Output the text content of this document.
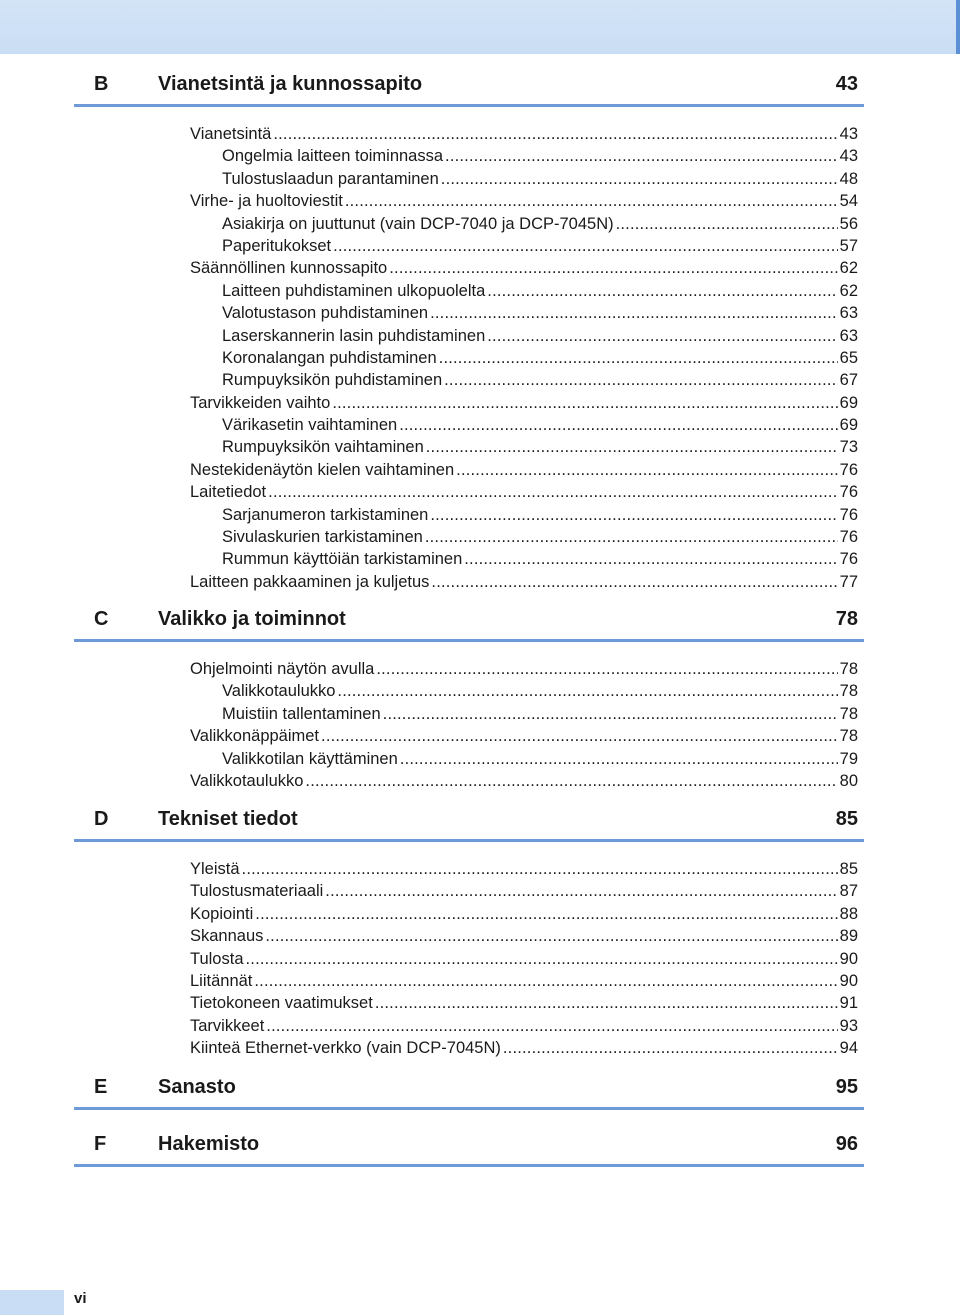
B Vianetsintä ja kunnossapito	43
Vianetsintä .....	43
Ongelmia laitteen toiminnassa .....	43
Tulostuslaadun parantaminen .....	48
Virhe- ja huoltoviestit .....	54
Asiakirja on juuttunut (vain DCP-7040 ja DCP-7045N) .....	56
Paperitukokset .....	57
Säännöllinen kunnossapito .....	62
Laitteen puhdistaminen ulkopuolelta .....	62
Valotustason puhdistaminen .....	63
Laserskannerin lasin puhdistaminen .....	63
Koronalangan puhdistaminen .....	65
Rumpuyksikön puhdistaminen .....	67
Tarvikkeiden vaihto .....	69
Värikasetin vaihtaminen .....	69
Rumpuyksikön vaihtaminen .....	73
Nestekidenäytön kielen vaihtaminen .....	76
Laitetiedot .....	76
Sarjanumeron tarkistaminen .....	76
Sivulaskurien tarkistaminen .....	76
Rummun käyttöiän tarkistaminen .....	76
Laitteen pakkaaminen ja kuljetus .....	77
C Valikko ja toiminnot	78
Ohjelmointi näytön avulla .....	78
Valikkotaulukko .....	78
Muistiin tallentaminen .....	78
Valikkonäppäimet .....	78
Valikkotilan käyttäminen .....	79
Valikkotaulukko .....	80
D Tekniset tiedot	85
Yleistä .....	85
Tulostusmateriaali .....	87
Kopiointi .....	88
Skannaus .....	89
Tulosta .....	90
Liitännät .....	90
Tietokoneen vaatimukset .....	91
Tarvikkeet .....	93
Kiinteä Ethernet-verkko (vain DCP-7045N) .....	94
E	Sanasto	95
F	Hakemisto	96
vi
